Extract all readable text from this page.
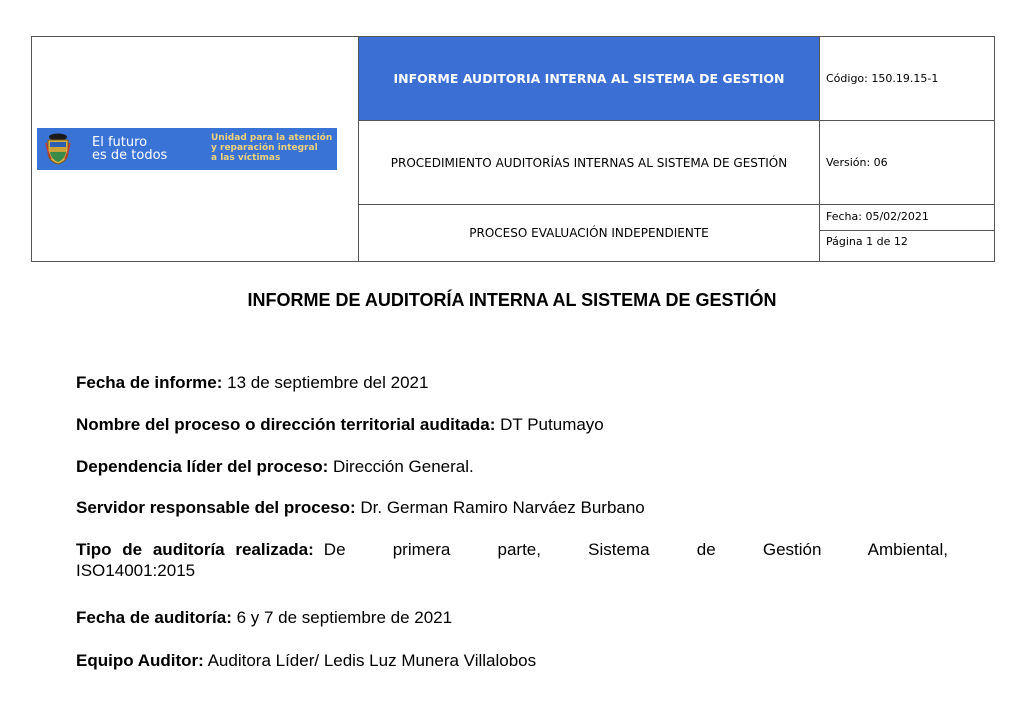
El futuro
es de todos
Unidad para la atención
y reparación integral
a las víctimas	INFORME AUDITORIA INTERNA AL SISTEMA DE GESTION	Código: 150.19.15-1
	PROCEDIMIENTO AUDITORÍAS INTERNAS AL SISTEMA DE GESTIÓN	Versión: 06
	PROCESO EVALUACIÓN INDEPENDIENTE	Fecha: 05/02/2021
Página 1 de 12
INFORME DE AUDITORÍA INTERNA AL SISTEMA DE GESTIÓN
Fecha de informe: 13 de septiembre del 2021
Nombre del proceso o dirección territorial auditada: DT Putumayo
Dependencia líder del proceso: Dirección General.
Servidor responsable del proceso: Dr. German Ramiro Narváez Burbano
Tipo de auditoría realizada: De primera parte, Sistema de Gestión Ambiental,
ISO14001:2015
Fecha de auditoría: 6 y 7 de septiembre de 2021
Equipo Auditor: Auditora Líder/ Ledis Luz Munera Villalobos
